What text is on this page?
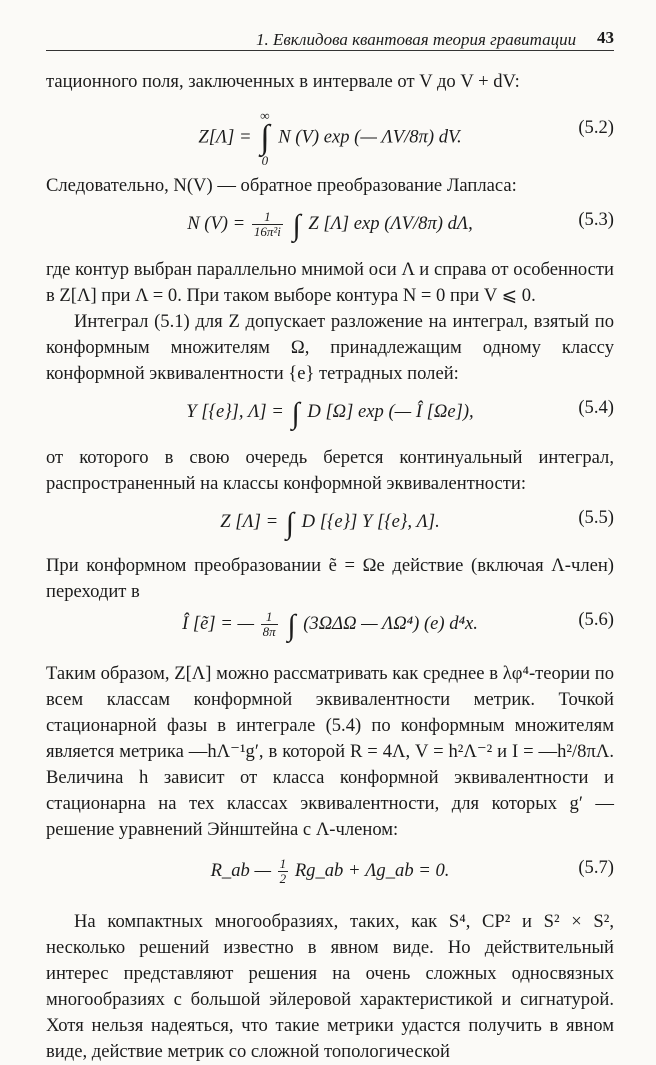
1. Евклидова квантовая теория гравитации 43

тационного поля, заключенных в интервале от V до V + dV:

Z[Λ] = ∞
∫
0 N (V) exp (— ΛV/8π) dV.	(5.2)

Следовательно, N(V) — обратное преобразование Лапласа:

N $(V) = \frac{1}{\text{16π²i}}$ ∫ Z [Λ] exp (ΛV/8π) dΛ,	(5.3)

где контур выбран параллельно мнимой оси Λ и справа от особенности в Z[Λ] при Λ = 0. При таком выборе контура N = 0 при V ⩽ 0.

Интеграл (5.1) для Z допускает разложение на интеграл, взятый по конформным множителям Ω, принадлежащим одному классу конформной эквивалентности {e} тетрадных полей:

Y [{e}], Λ] = ∫ D [Ω] exp (— Î [Ωe]),	(5.4)

от которого в свою очередь берется континуальный интеграл, распространенный на классы конформной эквивалентности:

Z [Λ] = ∫ D [{e}] Y [{e}, Λ].	(5.5)

При конформном преобразовании ẽ = Ωe действие (включая Λ-член) переходит в

Î [ẽ] = — $\frac{1}{8\pi}$ ∫ (3ΩΔΩ — ΛΩ⁴) (e) d⁴x.	(5.6)

Таким образом, Z[Λ] можно рассматривать как среднее в λφ⁴-теории по всем классам конформной эквивалентности метрик. Точкой стационарной фазы в интеграле (5.4) по конформным множителям является метрика —hΛ⁻¹g′, в которой R = 4Λ, V = h²Λ⁻² и I = —h²/8πΛ. Величина h зависит от класса конформной эквивалентности и стационарна на тех классах эквивалентности, для которых g′ — решение уравнений Эйнштейна с Λ-членом:

R_ab — $\frac{1}{2}$ Rg_ab + Λg_ab = 0.	(5.7)

На компактных многообразиях, таких, как S⁴, CP² и S² × S², несколько решений известно в явном виде. Но действительный интерес представляют решения на очень сложных односвязных многообразиях с большой эйлеровой характеристикой и сигнатурой. Хотя нельзя надеяться, что такие метрики удастся получить в явном виде, действие метрик со сложной топологической
